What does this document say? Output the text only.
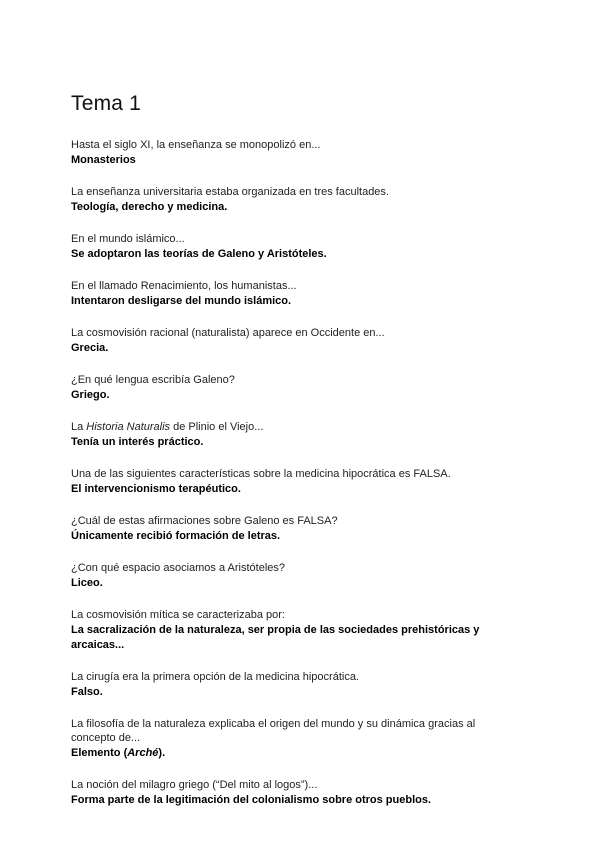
Tema 1

Hasta el siglo XI, la enseñanza se monopolizó en...

Monasterios

La enseñanza universitaria estaba organizada en tres facultades.

Teología, derecho y medicina.

En el mundo islámico...

Se adoptaron las teorías de Galeno y Aristóteles.

En el llamado Renacimiento, los humanistas...

Intentaron desligarse del mundo islámico.

La cosmovisión racional (naturalista) aparece en Occidente en...

Grecia.

¿En qué lengua escribía Galeno?

Griego.

La Historia Naturalis de Plinio el Viejo...

Tenía un interés práctico.

Una de las siguientes características sobre la medicina hipocrática es FALSA.

El intervencionismo terapéutico.

¿Cuál de estas afirmaciones sobre Galeno es FALSA?

Únicamente recibió formación de letras.

¿Con qué espacio asociamos a Aristóteles?

Liceo.

La cosmovisión mítica se caracterizaba por:

La sacralización de la naturaleza, ser propia de las sociedades prehistóricas y arcaicas...

La cirugía era la primera opción de la medicina hipocrática.

Falso.

La filosofía de la naturaleza explicaba el origen del mundo y su dinámica gracias al concepto de...

Elemento (Arché).

La noción del milagro griego (“Del mito al logos”)...

Forma parte de la legitimación del colonialismo sobre otros pueblos.
